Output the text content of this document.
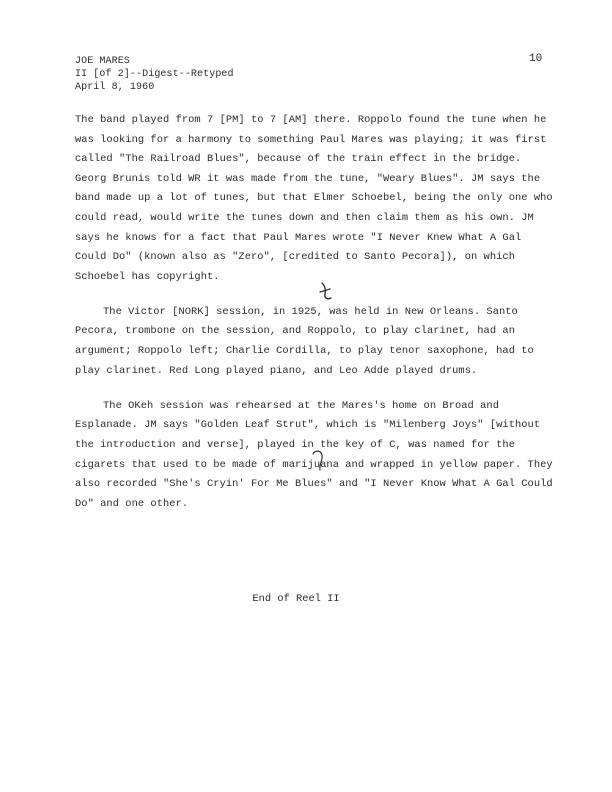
JOE MARES
II [of 2]--Digest--Retyped
April 8, 1960
10

The band played from 7 [PM] to 7 [AM] there. Roppolo found the tune when he was looking for a harmony to something Paul Mares was playing; it was first called "The Railroad Blues", because of the train effect in the bridge. Georg Brunis told WR it was made from the tune, "Weary Blues". JM says the band made up a lot of tunes, but that Elmer Schoebel, being the only one who could read, would write the tunes down and then claim them as his own. JM says he knows for a fact that Paul Mares wrote "I Never Knew What A Gal Could Do" (known also as "Zero", [credited to Santo Pecora]), on which Schoebel has copyright.

The Victor [NORK] session, in 1925, was held in New Orleans. Santo Pecora, trombone on the session, and Roppolo, to play clarinet, had an argument; Roppolo left; Charlie Cordilla, to play tenor saxophone, had to play clarinet. Red Long played piano, and Leo Adde played drums.

The OKeh session was rehearsed at the Mares's home on Broad and Esplanade. JM says "Golden Leaf Strut", which is "Milenberg Joys" [without the introduction and verse], played in the key of C, was named for the cigarets that used to be made of marijuana and wrapped in yellow paper. They also recorded "She's Cryin' For Me Blues" and "I Never Know What A Gal Could Do" and one other.

End of Reel II
